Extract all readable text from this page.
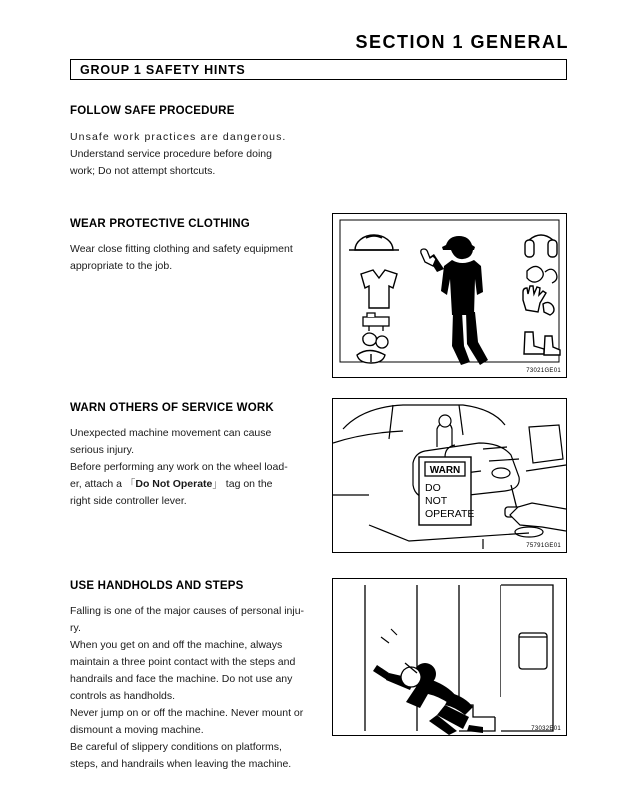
SECTION 1 GENERAL
GROUP 1 SAFETY HINTS
FOLLOW SAFE PROCEDURE
Unsafe work practices are dangerous.
Understand service procedure before doing
work; Do not attempt shortcuts.
WEAR PROTECTIVE CLOTHING
Wear close fitting clothing and safety equipment
appropriate to the job.
73021GE01
WARN OTHERS OF SERVICE WORK
Unexpected machine movement can cause
serious injury.
Before performing any work on the wheel load-
er, attach a 「Do Not Operate」 tag on the
right side controller lever.
WARN
DO
NOT
OPERATE
75791GE01
USE HANDHOLDS AND STEPS
Falling is one of the major causes of personal inju-
ry.
When you get on and off the machine, always
maintain a three point contact with the steps and
handrails and face the machine. Do not use any
controls as handholds.
Never jump on or off the machine. Never mount or
dismount a moving machine.
Be careful of slippery conditions on platforms,
steps, and handrails when leaving the machine.
73032E01
